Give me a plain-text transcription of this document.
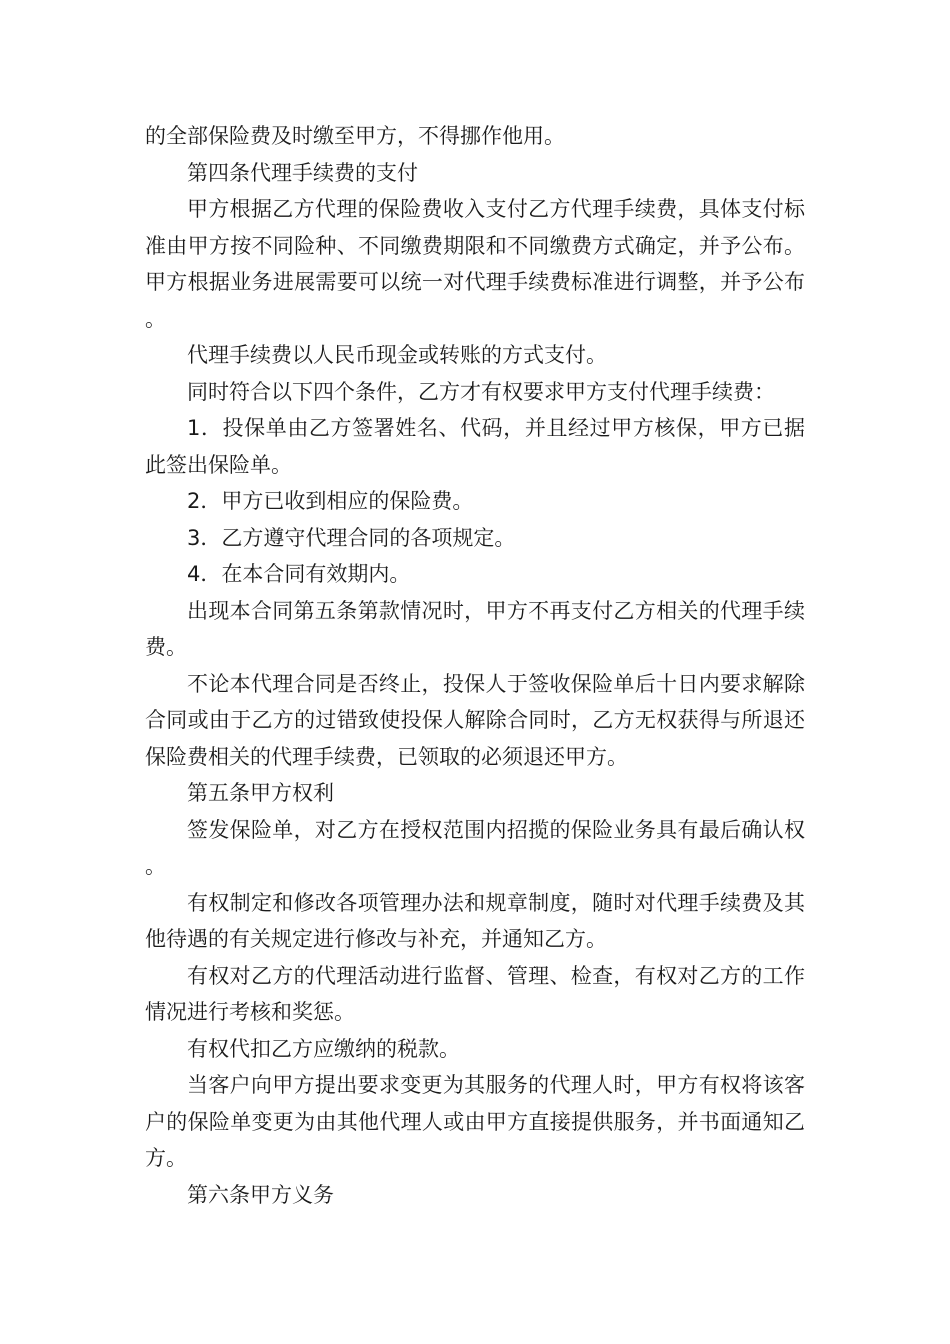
的全部保险费及时缴至甲方，不得挪作他用。

第四条代理手续费的支付

甲方根据乙方代理的保险费收入支付乙方代理手续费，具体支付标准由甲方按不同险种、不同缴费期限和不同缴费方式确定，并予公布。甲方根据业务进展需要可以统一对代理手续费标准进行调整，并予公布。

代理手续费以人民币现金或转账的方式支付。

同时符合以下四个条件，乙方才有权要求甲方支付代理手续费：

1．投保单由乙方签署姓名、代码，并且经过甲方核保，甲方已据此签出保险单。

2．甲方已收到相应的保险费。

3．乙方遵守代理合同的各项规定。

4．在本合同有效期内。

出现本合同第五条第款情况时，甲方不再支付乙方相关的代理手续费。

不论本代理合同是否终止，投保人于签收保险单后十日内要求解除合同或由于乙方的过错致使投保人解除合同时，乙方无权获得与所退还保险费相关的代理手续费，已领取的必须退还甲方。

第五条甲方权利

签发保险单，对乙方在授权范围内招揽的保险业务具有最后确认权。

有权制定和修改各项管理办法和规章制度，随时对代理手续费及其他待遇的有关规定进行修改与补充，并通知乙方。

有权对乙方的代理活动进行监督、管理、检查，有权对乙方的工作情况进行考核和奖惩。

有权代扣乙方应缴纳的税款。

当客户向甲方提出要求变更为其服务的代理人时，甲方有权将该客户的保险单变更为由其他代理人或由甲方直接提供服务，并书面通知乙方。

第六条甲方义务
